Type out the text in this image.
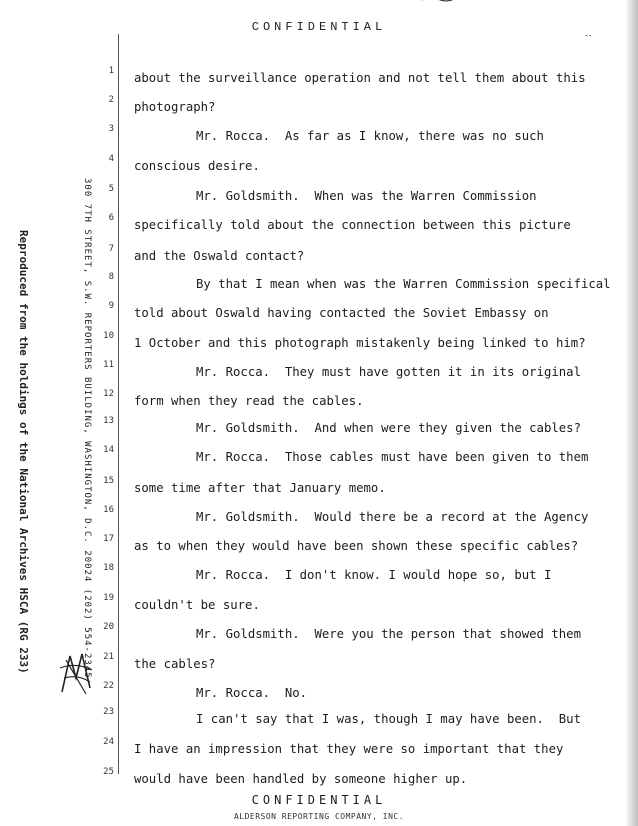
CONFIDENTIAL	‥
Reproduced from the holdings of the National Archives HSCA (RG 233)	300 7TH STREET, S.W. REPORTERS BUILDING, WASHINGTON, D.C. 20024 (202) 554-2345
1
2
3
4
5
6
7
8
9
10
11
12
13
14
15
16
17
18
19
20
21
22
23
24
25
about the surveillance operation and not tell them about this
photograph?
Mr. Rocca.  As far as I know, there was no such
conscious desire.
Mr. Goldsmith.  When was the Warren Commission
specifically told about the connection between this picture
and the Oswald contact?
By that I mean when was the Warren Commission specifical
told about Oswald having contacted the Soviet Embassy on
1 October and this photograph mistakenly being linked to him?
Mr. Rocca.  They must have gotten it in its original
form when they read the cables.
Mr. Goldsmith.  And when were they given the cables?
Mr. Rocca.  Those cables must have been given to them
some time after that January memo.
Mr. Goldsmith.  Would there be a record at the Agency
as to when they would have been shown these specific cables?
Mr. Rocca.  I don't know. I would hope so, but I
couldn't be sure.
Mr. Goldsmith.  Were you the person that showed them
the cables?
Mr. Rocca.  No.
I can't say that I was, though I may have been.  But
I have an impression that they were so important that they
would have been handled by someone higher up.
CONFIDENTIAL
ALDERSON REPORTING COMPANY, INC.
